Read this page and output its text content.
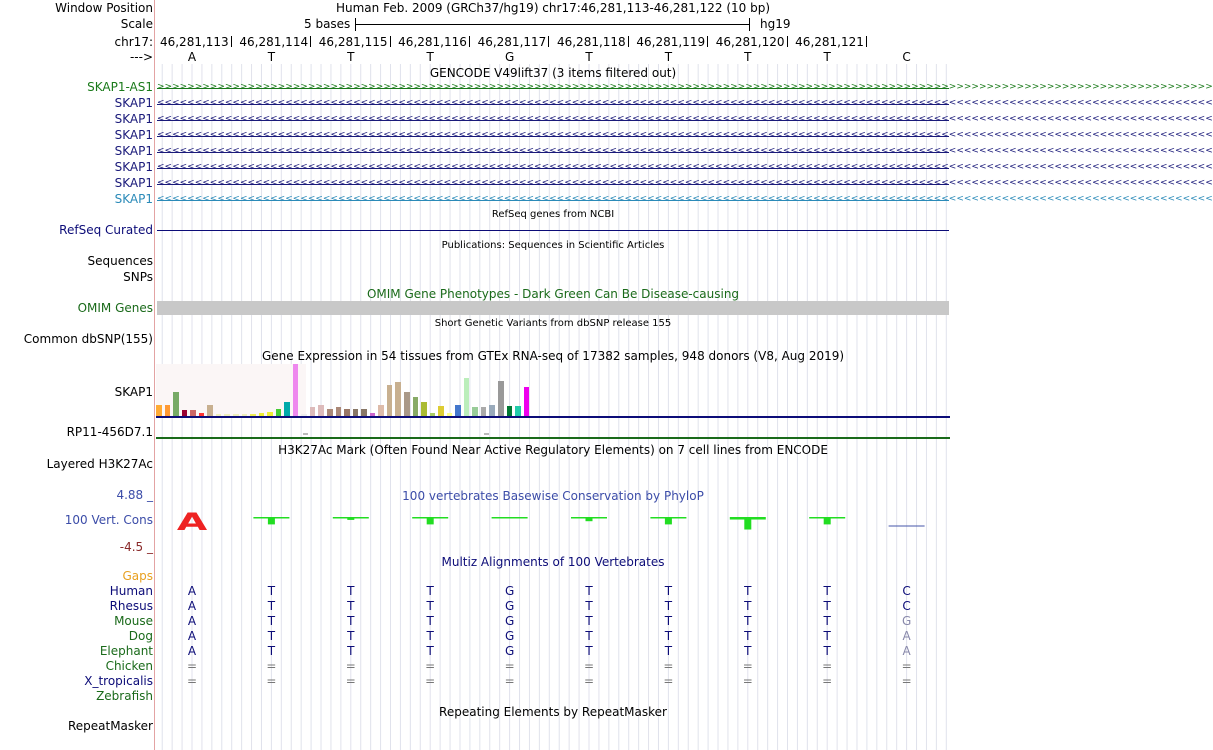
Window Position	Human Feb. 2009 (GRCh37/hg19) chr17:46,281,113-46,281,122 (10 bp)
Scale	5 bases	hg19
chr17: 46,281,113 46,281,114 46,281,115 46,281,116 46,281,117 46,281,118 46,281,119 46,281,120 46,281,121
--->	A	T	T	T	G	T	T	T	T	C
GENCODE V49lift37 (3 items filtered out)
SKAP1-AS1 >>>>>>>>>>>>>>>>>>>>>>>>>>>>>>>>>>>>>>>>>>>>>>>>>>>>>>>>>>>>>>>>>>>>>>>>>>>>>>>>>>>>>>>>>>>>>>>>>>>>>>>>>>>>>>>>>>>>>>>>>>>>>>>>>>>>>>>>>>>>
SKAP1 <<<<<<<<<<<<<<<<<<<<<<<<<<<<<<<<<<<<<<<<<<<<<<<<<<<<<<<<<<<<<<<<<<<<<<<<<<<<<<<<<<<<<<<<<<<<<<<<<<<<<<<<<<<<<<<<<<<<<<<<<<<<<<<<<<<<<<<<<<<<
SKAP1 <<<<<<<<<<<<<<<<<<<<<<<<<<<<<<<<<<<<<<<<<<<<<<<<<<<<<<<<<<<<<<<<<<<<<<<<<<<<<<<<<<<<<<<<<<<<<<<<<<<<<<<<<<<<<<<<<<<<<<<<<<<<<<<<<<<<<<<<<<<<
SKAP1 <<<<<<<<<<<<<<<<<<<<<<<<<<<<<<<<<<<<<<<<<<<<<<<<<<<<<<<<<<<<<<<<<<<<<<<<<<<<<<<<<<<<<<<<<<<<<<<<<<<<<<<<<<<<<<<<<<<<<<<<<<<<<<<<<<<<<<<<<<<<
SKAP1 <<<<<<<<<<<<<<<<<<<<<<<<<<<<<<<<<<<<<<<<<<<<<<<<<<<<<<<<<<<<<<<<<<<<<<<<<<<<<<<<<<<<<<<<<<<<<<<<<<<<<<<<<<<<<<<<<<<<<<<<<<<<<<<<<<<<<<<<<<<<
SKAP1 <<<<<<<<<<<<<<<<<<<<<<<<<<<<<<<<<<<<<<<<<<<<<<<<<<<<<<<<<<<<<<<<<<<<<<<<<<<<<<<<<<<<<<<<<<<<<<<<<<<<<<<<<<<<<<<<<<<<<<<<<<<<<<<<<<<<<<<<<<<<
SKAP1 <<<<<<<<<<<<<<<<<<<<<<<<<<<<<<<<<<<<<<<<<<<<<<<<<<<<<<<<<<<<<<<<<<<<<<<<<<<<<<<<<<<<<<<<<<<<<<<<<<<<<<<<<<<<<<<<<<<<<<<<<<<<<<<<<<<<<<<<<<<<
SKAP1 <<<<<<<<<<<<<<<<<<<<<<<<<<<<<<<<<<<<<<<<<<<<<<<<<<<<<<<<<<<<<<<<<<<<<<<<<<<<<<<<<<<<<<<<<<<<<<<<<<<<<<<<<<<<<<<<<<<<<<<<<<<<<<<<<<<<<<<<<<<<
RefSeq genes from NCBI
RefSeq Curated
Publications: Sequences in Scientific Articles
Sequences
SNPs
OMIM Gene Phenotypes - Dark Green Can Be Disease-causing
OMIM Genes
Short Genetic Variants from dbSNP release 155
Common dbSNP(155)
Gene Expression in 54 tissues from GTEx RNA-seq of 17382 samples, 948 donors (V8, Aug 2019)
SKAP1
RP11-456D7.1
H3K27Ac Mark (Often Found Near Active Regulatory Elements) on 7 cell lines from ENCODE
Layered H3K27Ac
100 vertebrates Basewise Conservation by PhyloP
4.88 _
100 Vert. Cons
-4.5 _
A
Multiz Alignments of 100 Vertebrates
Gaps
Human	A	T	T	T	G	T	T	T	T	C
Rhesus	A	T	T	T	G	T	T	T	T	C
Mouse	A	T	T	T	G	T	T	T	T	G
Dog	A	T	T	T	G	T	T	T	T	A
Elephant	A	T	T	T	G	T	T	T	T	A
Chicken	=	=	=	=	=	=	=	=	=	=
X_tropicalis	=	=	=	=	=	=	=	=	=	=
Zebrafish
Repeating Elements by RepeatMasker
RepeatMasker
